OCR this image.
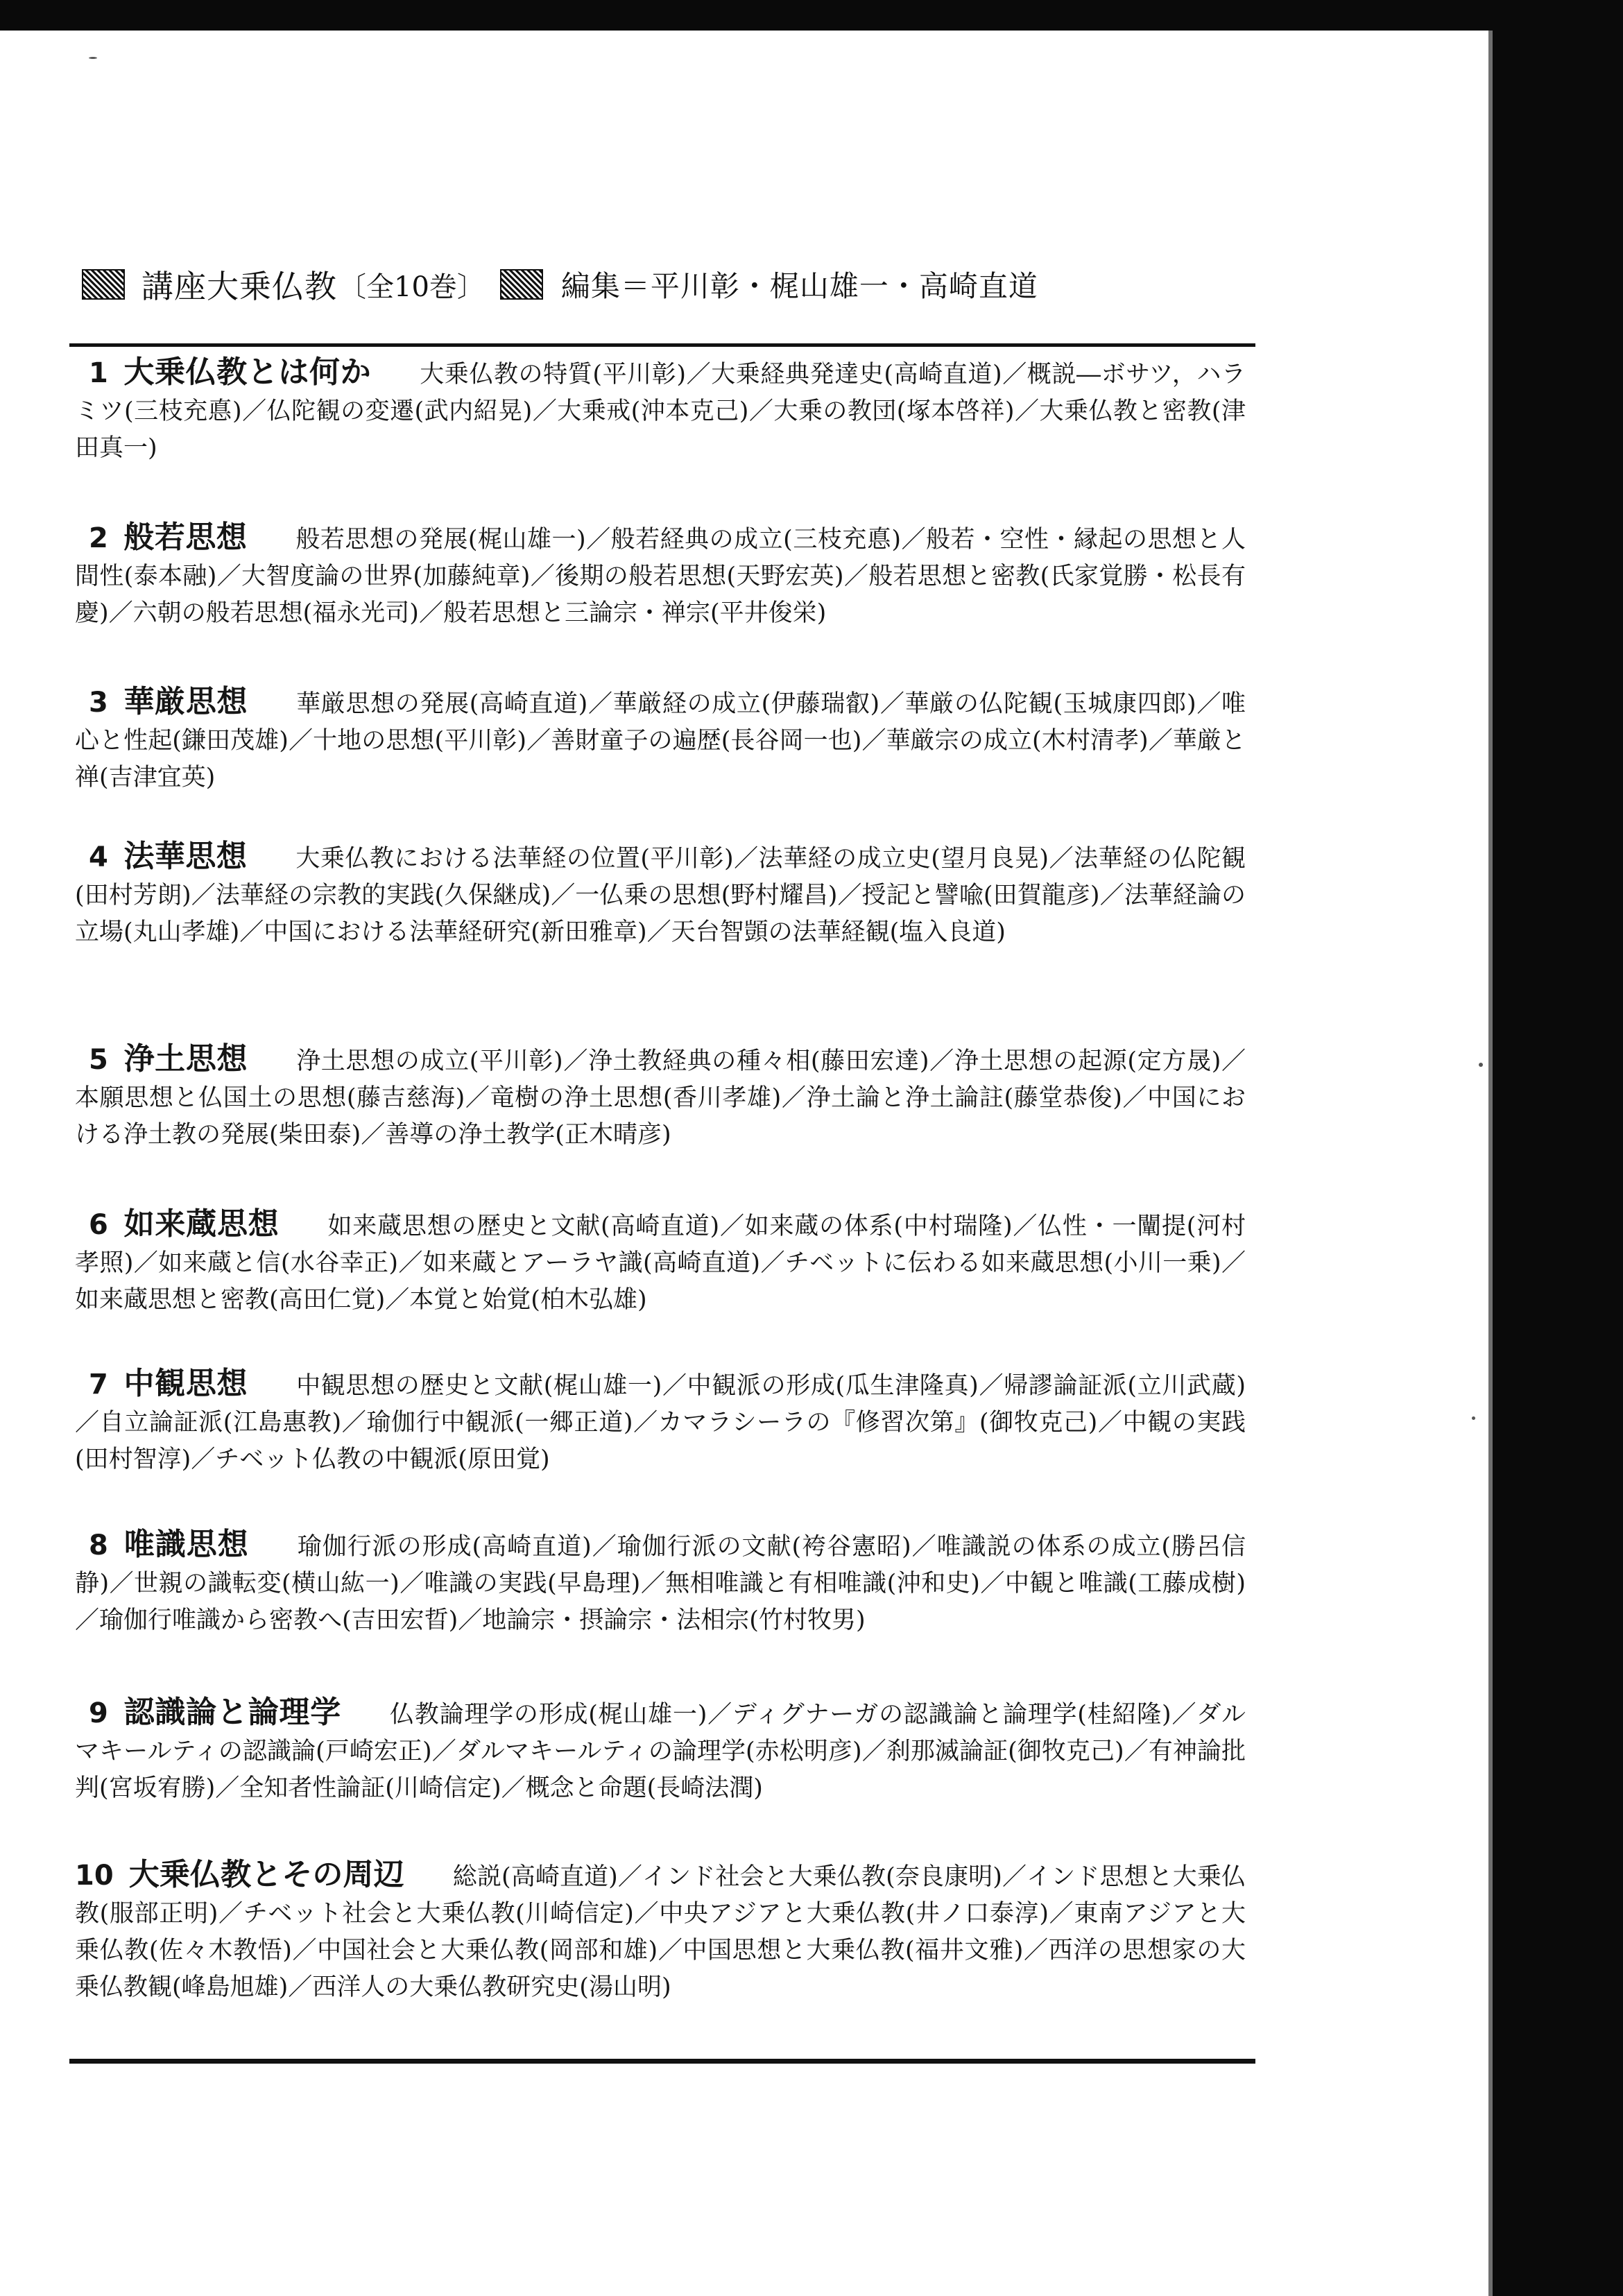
講座大乗仏教 〔全10巻〕	編集＝平川彰・梶山雄一・高崎直道
1 大乗仏教とは何か 大乗仏教の特質(平川彰)／大乗経典発達史(高崎直道)／概説―ボサツ，ハラミツ(三枝充悳)／仏陀観の変遷(武内紹晃)／大乗戒(沖本克己)／大乗の教団(塚本啓祥)／大乗仏教と密教(津田真一)
2 般若思想 般若思想の発展(梶山雄一)／般若経典の成立(三枝充悳)／般若・空性・縁起の思想と人間性(泰本融)／大智度論の世界(加藤純章)／後期の般若思想(天野宏英)／般若思想と密教(氏家覚勝・松長有慶)／六朝の般若思想(福永光司)／般若思想と三論宗・禅宗(平井俊栄)
3 華厳思想 華厳思想の発展(高崎直道)／華厳経の成立(伊藤瑞叡)／華厳の仏陀観(玉城康四郎)／唯心と性起(鎌田茂雄)／十地の思想(平川彰)／善財童子の遍歴(長谷岡一也)／華厳宗の成立(木村清孝)／華厳と禅(吉津宜英)
4 法華思想 大乗仏教における法華経の位置(平川彰)／法華経の成立史(望月良晃)／法華経の仏陀観(田村芳朗)／法華経の宗教的実践(久保継成)／一仏乗の思想(野村耀昌)／授記と譬喩(田賀龍彦)／法華経論の立場(丸山孝雄)／中国における法華経研究(新田雅章)／天台智顗の法華経観(塩入良道)
5 浄土思想 浄土思想の成立(平川彰)／浄土教経典の種々相(藤田宏達)／浄土思想の起源(定方晟)／本願思想と仏国土の思想(藤吉慈海)／竜樹の浄土思想(香川孝雄)／浄土論と浄土論註(藤堂恭俊)／中国における浄土教の発展(柴田泰)／善導の浄土教学(正木晴彦)
6 如来蔵思想 如来蔵思想の歴史と文献(高崎直道)／如来蔵の体系(中村瑞隆)／仏性・一闡提(河村孝照)／如来蔵と信(水谷幸正)／如来蔵とアーラヤ識(高崎直道)／チベットに伝わる如来蔵思想(小川一乗)／如来蔵思想と密教(高田仁覚)／本覚と始覚(柏木弘雄)
7 中観思想 中観思想の歴史と文献(梶山雄一)／中観派の形成(瓜生津隆真)／帰謬論証派(立川武蔵)／自立論証派(江島惠教)／瑜伽行中観派(一郷正道)／カマラシーラの『修習次第』(御牧克己)／中観の実践(田村智淳)／チベット仏教の中観派(原田覚)
8 唯識思想 瑜伽行派の形成(高崎直道)／瑜伽行派の文献(袴谷憲昭)／唯識説の体系の成立(勝呂信静)／世親の識転変(横山紘一)／唯識の実践(早島理)／無相唯識と有相唯識(沖和史)／中観と唯識(工藤成樹)／瑜伽行唯識から密教へ(吉田宏晢)／地論宗・摂論宗・法相宗(竹村牧男)
9 認識論と論理学 仏教論理学の形成(梶山雄一)／ディグナーガの認識論と論理学(桂紹隆)／ダルマキールティの認識論(戸崎宏正)／ダルマキールティの論理学(赤松明彦)／刹那滅論証(御牧克己)／有神論批判(宮坂宥勝)／全知者性論証(川崎信定)／概念と命題(長崎法潤)
10 大乗仏教とその周辺 総説(高崎直道)／インド社会と大乗仏教(奈良康明)／インド思想と大乗仏教(服部正明)／チベット社会と大乗仏教(川崎信定)／中央アジアと大乗仏教(井ノ口泰淳)／東南アジアと大乗仏教(佐々木教悟)／中国社会と大乗仏教(岡部和雄)／中国思想と大乗仏教(福井文雅)／西洋の思想家の大乗仏教観(峰島旭雄)／西洋人の大乗仏教研究史(湯山明)
